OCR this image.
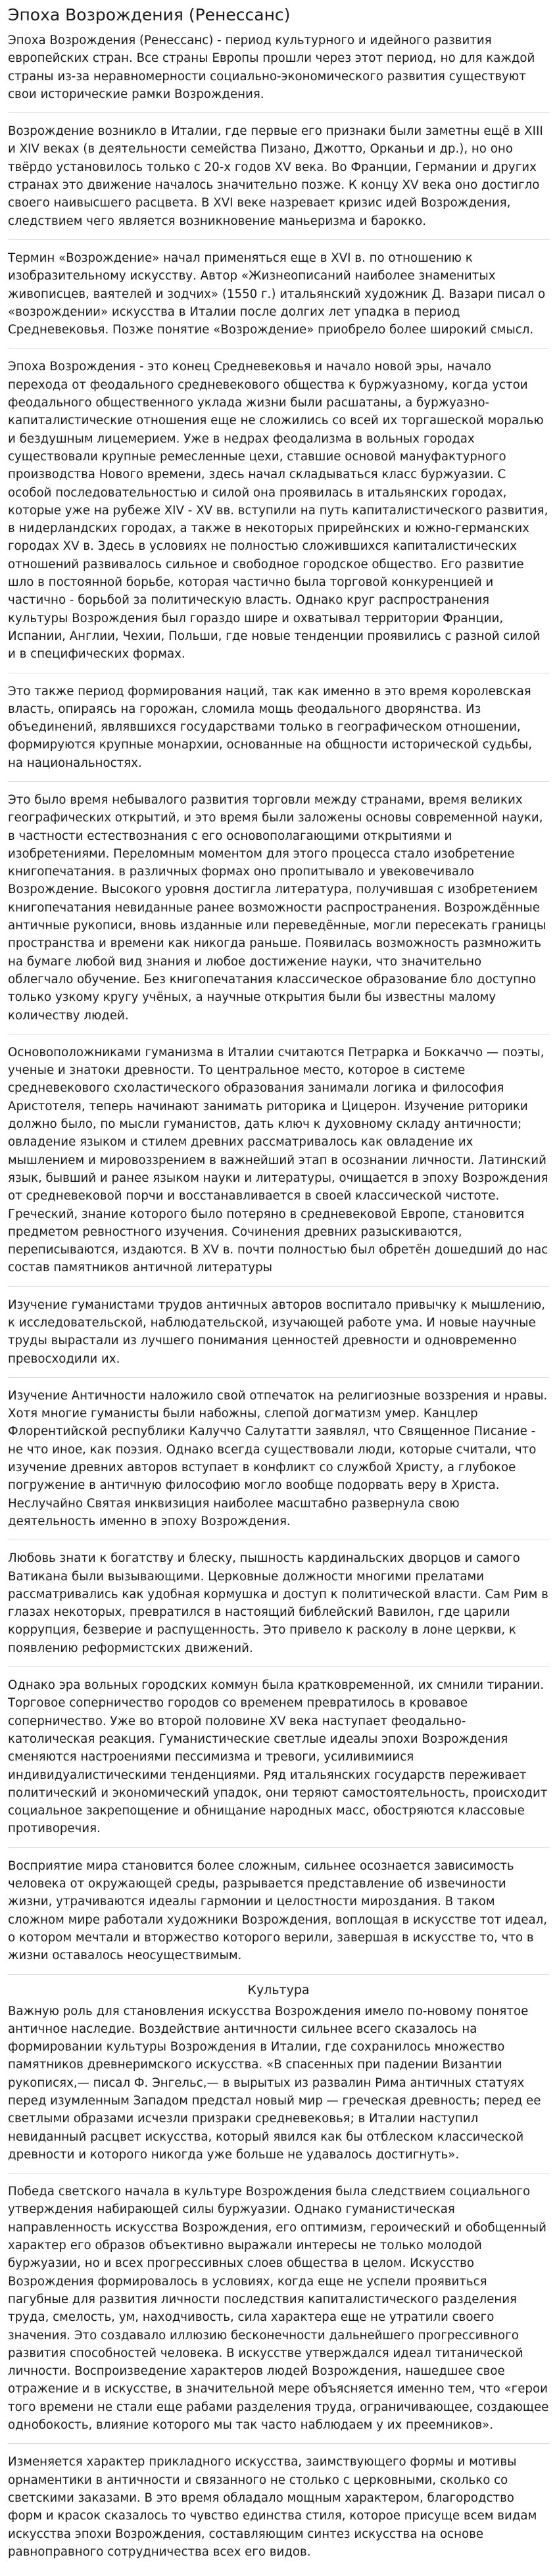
Эпоха Возрождения (Ренессанс)

Эпоха Возрождения (Ренессанс) - период культурного и идейного развития европейских стран. Все страны Европы прошли через этот период, но для каждой страны из-за неравномерности социально-экономического развития существуют свои исторические рамки Возрождения.

Возрождение возникло в Италии, где первые его признаки были заметны ещё в XIII и XIV веках (в деятельности семейства Пизано, Джотто, Орканьи и др.), но оно твёрдо установилось только с 20-х годов XV века. Во Франции, Германии и других странах это движение началось значительно позже. К концу XV века оно достигло своего наивысшего расцвета. В XVI веке назревает кризис идей Возрождения, следствием чего является возникновение маньеризма и барокко.

Термин «Возрождение» начал применяться еще в XVI в. по отношению к изобразительному искусству. Автор «Жизнеописаний наиболее знаменитых живописцев, ваятелей и зодчих» (1550 г.) итальянский художник Д. Вазари писал о «возрождении» искусства в Италии после долгих лет упадка в период Средневековья. Позже понятие «Возрождение» приобрело более широкий смысл.

Эпоха Возрождения - это конец Средневековья и начало новой эры, начало перехода от феодального средневекового общества к буржуазному, когда устои феодального общественного уклада жизни были расшатаны, а буржуазно-капиталистические отношения еще не сложились со всей их торгашеской моралью и бездушным лицемерием. Уже в недрах феодализма в вольных городах существовали крупные ремесленные цехи, ставшие основой мануфактурного производства Нового времени, здесь начал складываться класс буржуазии. С особой последовательностью и силой она проявилась в итальянских городах, которые уже на рубеже XIV - XV вв. вступили на путь капиталистического развития, в нидерландских городах, а также в некоторых прирейнских и южно-германских городах XV в. Здесь в условиях не полностью сложившихся капиталистических отношений развивалось сильное и свободное городское общество. Его развитие шло в постоянной борьбе, которая частично была торговой конкуренцией и частично - борьбой за политическую власть. Однако круг распространения культуры Возрождения был гораздо шире и охватывал территории Франции, Испании, Англии, Чехии, Польши, где новые тенденции проявились с разной силой и в специфических формах.

Это также период формирования наций, так как именно в это время королевская власть, опираясь на горожан, сломила мощь феодального дворянства. Из объединений, являвшихся государствами только в географическом отношении, формируются крупные монархии, основанные на общности исторической судьбы, на национальностях.

Это было время небывалого развития торговли между странами, время великих географических открытий, и это время были заложены основы современной науки, в частности естествознания с его основополагающими открытиями и изобретениями. Переломным моментом для этого процесса стало изобретение книгопечатания. в различных формах оно пропитывало и увековечивало Возрождение. Высокого уровня достигла литература, получившая с изобретением книгопечатания невиданные ранее возможности распространения. Возрождённые античные рукописи, вновь изданные или переведённые, могли пересекать границы пространства и времени как никогда раньше. Появилась возможность размножить на бумаге любой вид знания и любое достижение науки, что значительно облегчало обучение. Без книгопечатания классическое образование бло доступно только узкому кругу учёных, а научные открытия были бы известны малому количеству людей.

Основоположниками гуманизма в Италии считаются Петрарка и Боккаччо — поэты, ученые и знатоки древности. То центральное место, которое в системе средневекового схоластического образования занимали логика и философия Аристотеля, теперь начинают занимать риторика и Цицерон. Изучение риторики должно было, по мысли гуманистов, дать ключ к духовному складу античности; овладение языком и стилем древних рассматривалось как овладение их мышлением и мировоззрением в важнейший этап в осознании личности. Латинский язык, бывший и ранее языком науки и литературы, очищается в эпоху Возрождения от средневековой порчи и восстанавливается в своей классической чистоте. Греческий, знание которого было потеряно в средневековой Европе, становится предметом ревностного изучения. Сочинения древних разыскиваются, переписываются, издаются. В XV в. почти полностью был обретён дошедший до нас состав памятников античной литературы

Изучение гуманистами трудов античных авторов воспитало привычку к мышлению, к исследовательской, наблюдательской, изучающей работе ума. И новые научные труды вырастали из лучшего понимания ценностей древности и одновременно превосходили их.

Изучение Античности наложило свой отпечаток на религиозные воззрения и нравы. Хотя многие гуманисты были набожны, слепой догматизм умер. Канцлер Флорентийской республики Калуччо Салутатти заявлял, что Священное Писание - не что иное, как поэзия. Однако всегда существовали люди, которые считали, что изучение древних авторов вступает в конфликт со службой Христу, а глубокое погружение в античную философию могло вообще подорвать веру в Христа. Неслучайно Святая инквизиция наиболее масштабно развернула свою деятельность именно в эпоху Возрождения.

Любовь знати к богатству и блеску, пышность кардинальских дворцов и самого Ватикана были вызывающими. Церковные должности многими прелатами рассматривались как удобная кормушка и доступ к политической власти. Сам Рим в глазах некоторых, превратился в настоящий библейский Вавилон, где царили коррупция, безверие и распущенность. Это привело к расколу в лоне церкви, к появлению реформистских движений.

Однако эра вольных городских коммун была кратковременной, их смнили тирании. Торговое соперничество городов со временем превратилось в кровавое соперничество. Уже во второй половине XV века наступает феодально-католическая реакция. Гуманистические светлые идеалы эпохи Возрождения сменяются настроениями пессимизма и тревоги, усиливимиися индивидуалистическими тенденциями. Ряд итальянских государств переживает политический и экономический упадок, они теряют самостоятельность, происходит социальное закрепощение и обнищание народных масс, обостряются классовые противоречия.

Восприятие мира становится более сложным, сильнее осознается зависимость человека от окружающей среды, разрывается представление об извечиности жизни, утрачиваются идеалы гармонии и целостности мироздания. В таком сложном мире работали художники Возрождения, воплощая в искусстве тот идеал, о котором мечтали и вторжество которого верили, завершая в искусстве то, что в жизни оставалось неосуществимым.

Культура

Важную роль для становления искусства Возрождения имело по-новому понятое античное наследие. Воздействие античности сильнее всего сказалось на формировании культуры Возрождения в Италии, где сохранилось множество памятников древнеримского искусства. «В спасенных при падении Византии рукописях,— писал Ф. Энгельс,— в вырытых из развалин Рима античных статуях перед изумленным Западом предстал новый мир — греческая древность; перед ее светлыми образами исчезли призраки средневековья; в Италии наступил невиданный расцвет искусства, который явился как бы отблеском классической древности и которого никогда уже больше не удавалось достигнуть».

Победа светского начала в культуре Возрождения была следствием социального утверждения набирающей силы буржуазии. Однако гуманистическая направленность искусства Возрождения, его оптимизм, героический и обобщенный характер его образов объективно выражали интересы не только молодой буржуазии, но и всех прогрессивных слоев общества в целом. Искусство Возрождения формировалось в условиях, когда еще не успели проявиться пагубные для развития личности последствия капиталистического разделения труда, смелость, ум, находчивость, сила характера еще не утратили своего значения. Это создавало иллюзию бесконечности дальнейшего прогрессивного развития способностей человека. В искусстве утверждался идеал титанической личности. Воспроизведение характеров людей Возрождения, нашедшее свое отражение и в искусстве, в значительной мере объясняется именно тем, что «герои того времени не стали еще рабами разделения труда, ограничивающее, создающее однобокость, влияние которого мы так часто наблюдаем у их преемников».

Изменяется характер прикладного искусства, заимствующего формы и мотивы орнаментики в античности и связанного не столько с церковными, сколько со светскими заказами. В это время обладало мощным характером, благородство форм и красок сказалось то чувство единства стиля, которое присуще всем видам искусства эпохи Возрождения, составляющим синтез искусства на основе равноправного сотрудничества всех его видов.
